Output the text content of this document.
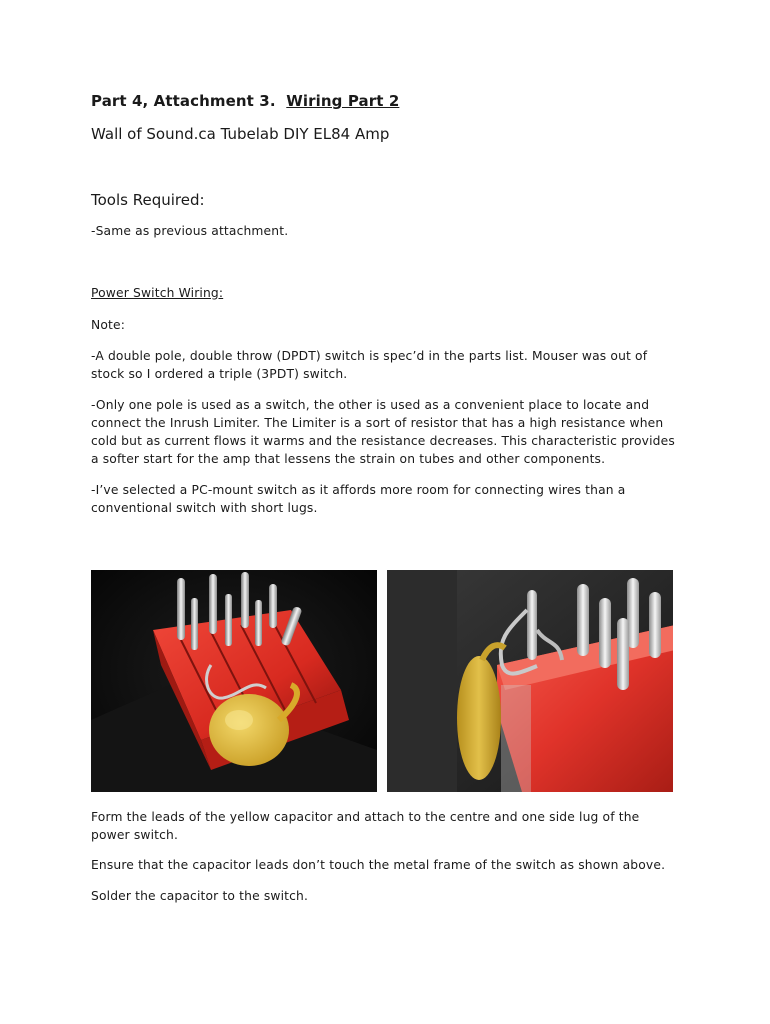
Part 4, Attachment 3. Wiring Part 2

Wall of Sound.ca Tubelab DIY EL84 Amp

Tools Required:

-Same as previous attachment.

Power Switch Wiring:

Note:

-A double pole, double throw (DPDT) switch is spec’d in the parts list. Mouser was out of stock so I ordered a triple (3PDT) switch.

-Only one pole is used as a switch, the other is used as a convenient place to locate and connect the Inrush Limiter. The Limiter is a sort of resistor that has a high resistance when cold but as current flows it warms and the resistance decreases. This characteristic provides a softer start for the amp that lessens the strain on tubes and other components.

-I’ve selected a PC-mount switch as it affords more room for connecting wires than a conventional switch with short lugs.

Form the leads of the yellow capacitor and attach to the centre and one side lug of the power switch.

Ensure that the capacitor leads don’t touch the metal frame of the switch as shown above.

Solder the capacitor to the switch.
